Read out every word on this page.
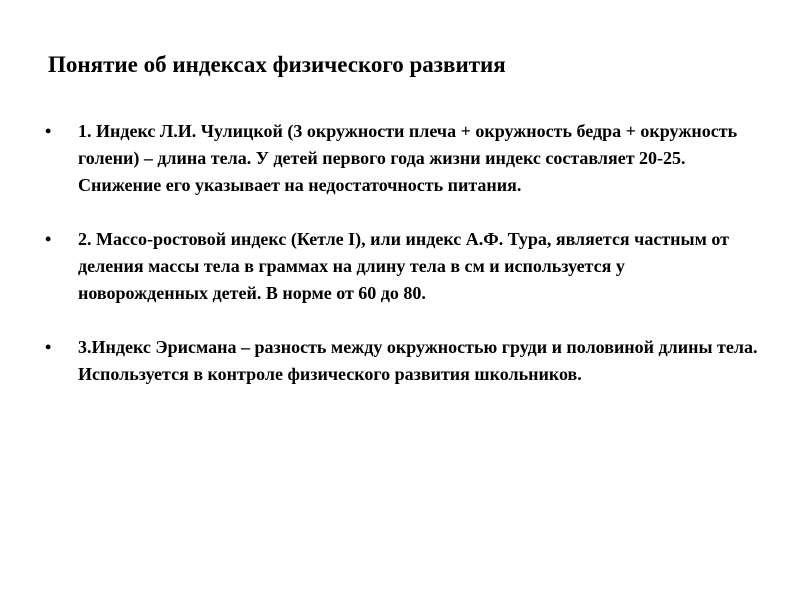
Понятие об индексах физического развития
• 1. Индекс Л.И. Чулицкой (3 окружности плеча + окружность бедра + окружность голени) – длина тела. У детей первого года жизни индекс составляет 20-25. Снижение его указывает на недостаточность питания.
• 2. Массо-ростовой индекс (Кетле I), или индекс А.Ф. Тура, является частным от деления массы тела в граммах на длину тела в см и используется у новорожденных детей. В норме от 60 до 80.
• 3.Индекс Эрисмана – разность между окружностью груди и половиной длины тела. Используется в контроле физического развития школьников.
